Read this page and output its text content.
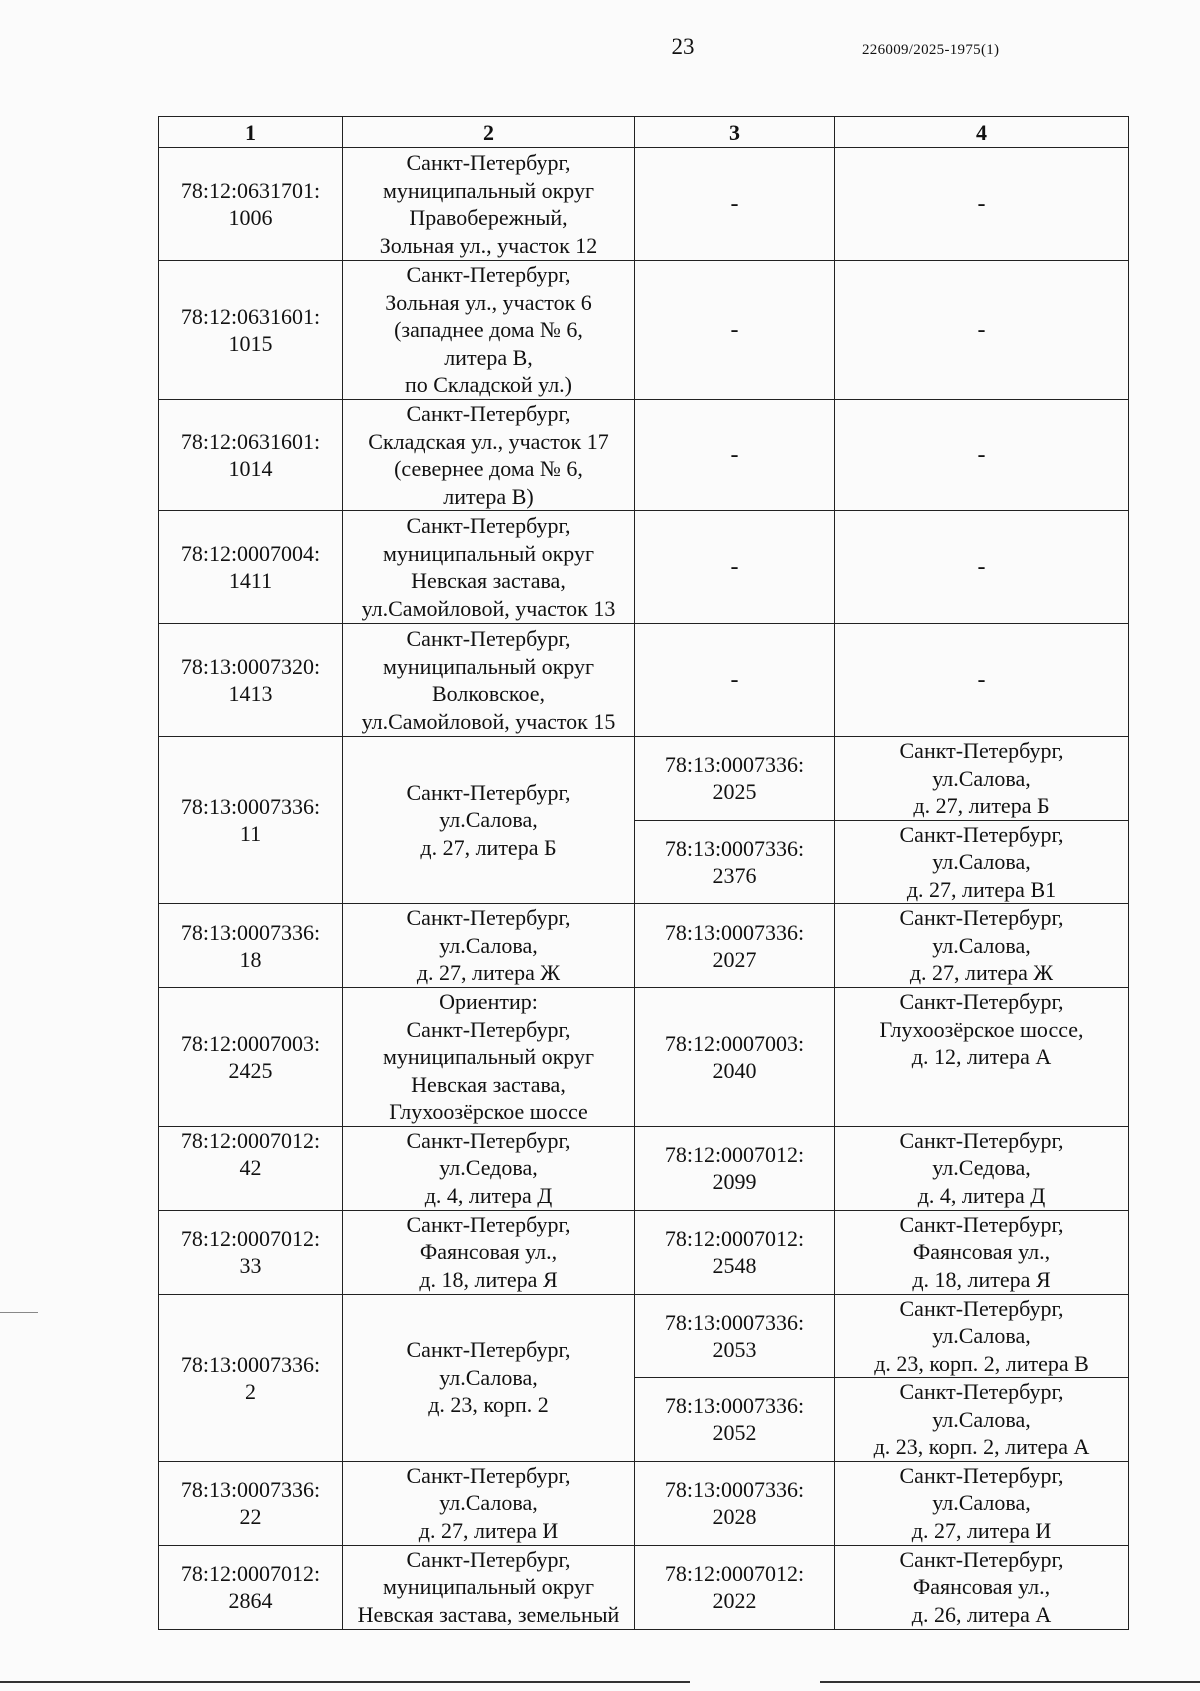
23	226009/2025-1975(1)
1	2	3	4
78:12:0631701:
1006	Санкт-Петербург,
муниципальный округ
Правобережный,
Зольная ул., участок 12	-	-
78:12:0631601:
1015	Санкт-Петербург,
Зольная ул., участок 6
(западнее дома № 6,
литера В,
по Складской ул.)	-	-
78:12:0631601:
1014	Санкт-Петербург,
Складская ул., участок 17
(севернее дома № 6,
литера В)	-	-
78:12:0007004:
1411	Санкт-Петербург,
муниципальный округ
Невская застава,
ул.Самойловой, участок 13	-	-
78:13:0007320:
1413	Санкт-Петербург,
муниципальный округ
Волковское,
ул.Самойловой, участок 15	-	-
78:13:0007336:
11	Санкт-Петербург,
ул.Салова,
д. 27, литера Б	78:13:0007336:
2025	Санкт-Петербург,
ул.Салова,
д. 27, литера Б
		78:13:0007336:
2376	Санкт-Петербург,
ул.Салова,
д. 27, литера В1
78:13:0007336:
18	Санкт-Петербург,
ул.Салова,
д. 27, литера Ж	78:13:0007336:
2027	Санкт-Петербург,
ул.Салова,
д. 27, литера Ж
78:12:0007003:
2425	Ориентир:
Санкт-Петербург,
муниципальный округ
Невская застава,
Глухоозёрское шоссе	78:12:0007003:
2040	Санкт-Петербург,
Глухоозёрское шоссе,
д. 12, литера А
78:12:0007012:
42	Санкт-Петербург,
ул.Седова,
д. 4, литера Д	78:12:0007012:
2099	Санкт-Петербург,
ул.Седова,
д. 4, литера Д
78:12:0007012:
33	Санкт-Петербург,
Фаянсовая ул.,
д. 18, литера Я	78:12:0007012:
2548	Санкт-Петербург,
Фаянсовая ул.,
д. 18, литера Я
78:13:0007336:
2	Санкт-Петербург,
ул.Салова,
д. 23, корп. 2	78:13:0007336:
2053	Санкт-Петербург,
ул.Салова,
д. 23, корп. 2, литера В
		78:13:0007336:
2052	Санкт-Петербург,
ул.Салова,
д. 23, корп. 2, литера А
78:13:0007336:
22	Санкт-Петербург,
ул.Салова,
д. 27, литера И	78:13:0007336:
2028	Санкт-Петербург,
ул.Салова,
д. 27, литера И
78:12:0007012:
2864	Санкт-Петербург,
муниципальный округ
Невская застава, земельный	78:12:0007012:
2022	Санкт-Петербург,
Фаянсовая ул.,
д. 26, литера А
